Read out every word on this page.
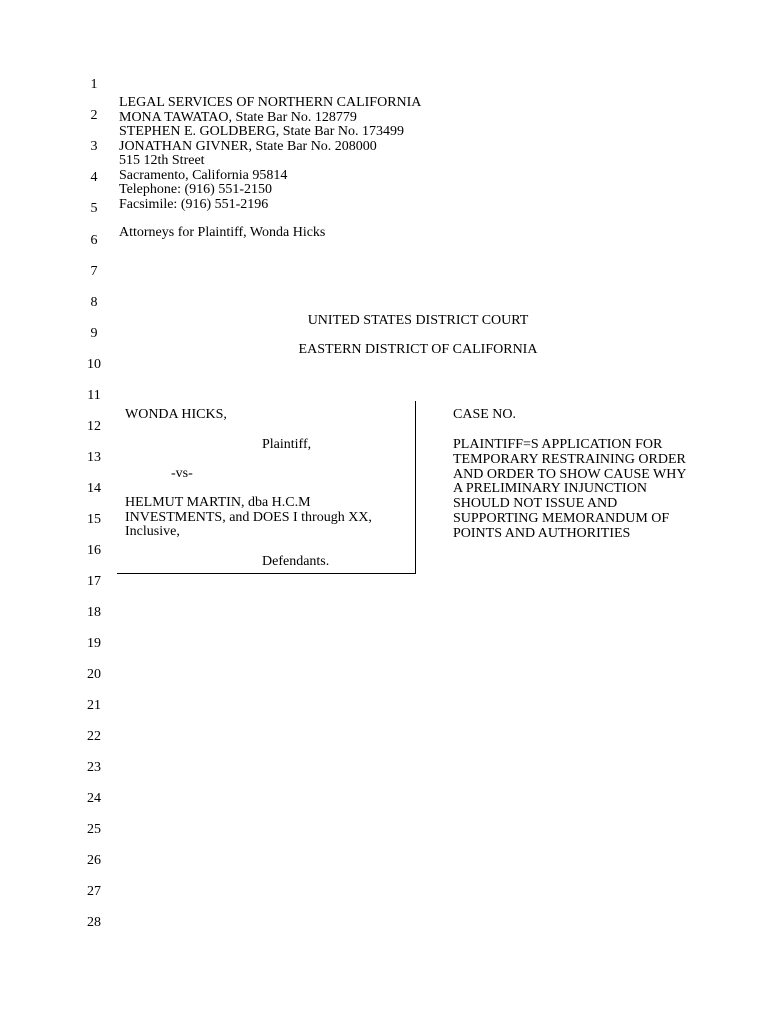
1
2
3
4
5
6
7
8
9
10
11
12
13
14
15
16
17
18
19
20
21
22
23
24
25
26
27
28
LEGAL SERVICES OF NORTHERN CALIFORNIA
MONA TAWATAO, State Bar No. 128779
STEPHEN E. GOLDBERG, State Bar No. 173499
JONATHAN GIVNER, State Bar No. 208000
515 12th Street
Sacramento, California 95814
Telephone: (916) 551-2150
Facsimile: (916) 551-2196
Attorneys for Plaintiff, Wonda Hicks
UNITED STATES DISTRICT COURT
EASTERN DISTRICT OF CALIFORNIA
WONDA HICKS,
Plaintiff,
-vs-
HELMUT MARTIN, dba H.C.M
INVESTMENTS, and DOES I through XX,
Inclusive,
Defendants.
CASE NO.
PLAINTIFF=S APPLICATION FOR
TEMPORARY RESTRAINING ORDER
AND ORDER TO SHOW CAUSE WHY
A PRELIMINARY INJUNCTION
SHOULD NOT ISSUE AND
SUPPORTING MEMORANDUM OF
POINTS AND AUTHORITIES
